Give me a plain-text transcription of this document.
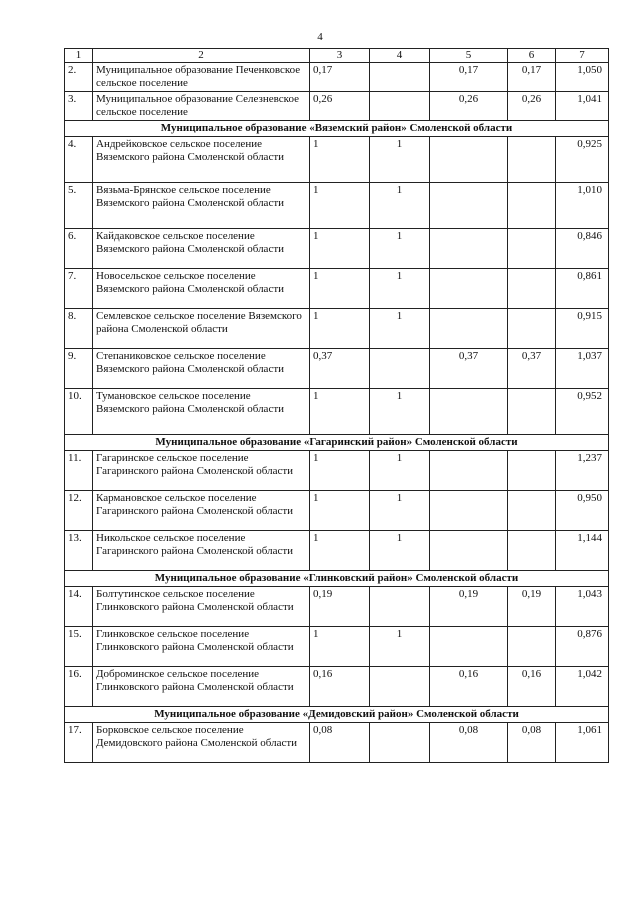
4
1	2	3	4	5	6	7
2.	Муниципальное образование Печенковское сельское поселение	0,17		0,17	0,17	1,050
3.	Муниципальное образование Селезневское сельское поселение	0,26		0,26	0,26	1,041
Муниципальное образование «Вяземский район» Смоленской области						
4.	Андрейковское сельское поселение Вяземского района Смоленской области	1	1			0,925
5.	Вязьма-Брянское сельское поселение Вяземского района Смоленской области	1	1			1,010
6.	Кайдаковское сельское поселение Вяземского района Смоленской области	1	1			0,846
7.	Новосельское сельское поселение Вяземского района Смоленской области	1	1			0,861
8.	Семлевское сельское поселение Вяземского района Смоленской области	1	1			0,915
9.	Степаниковское сельское поселение Вяземского района Смоленской области	0,37		0,37	0,37	1,037
10.	Тумановское сельское поселение Вяземского района Смоленской области	1	1			0,952
Муниципальное образование «Гагаринский район» Смоленской области						
11.	Гагаринское сельское поселение Гагаринского района Смоленской области	1	1			1,237
12.	Кармановское сельское поселение Гагаринского района Смоленской области	1	1			0,950
13.	Никольское сельское поселение Гагаринского района Смоленской области	1	1			1,144
Муниципальное образование «Глинковский район» Смоленской области						
14.	Болтутинское сельское поселение Глинковского района Смоленской области	0,19		0,19	0,19	1,043
15.	Глинковское сельское поселение Глинковского района Смоленской области	1	1			0,876
16.	Доброминское сельское поселение Глинковского района Смоленской области	0,16		0,16	0,16	1,042
Муниципальное образование «Демидовский район» Смоленской области						
17.	Борковское сельское поселение Демидовского района Смоленской области	0,08		0,08	0,08	1,061
